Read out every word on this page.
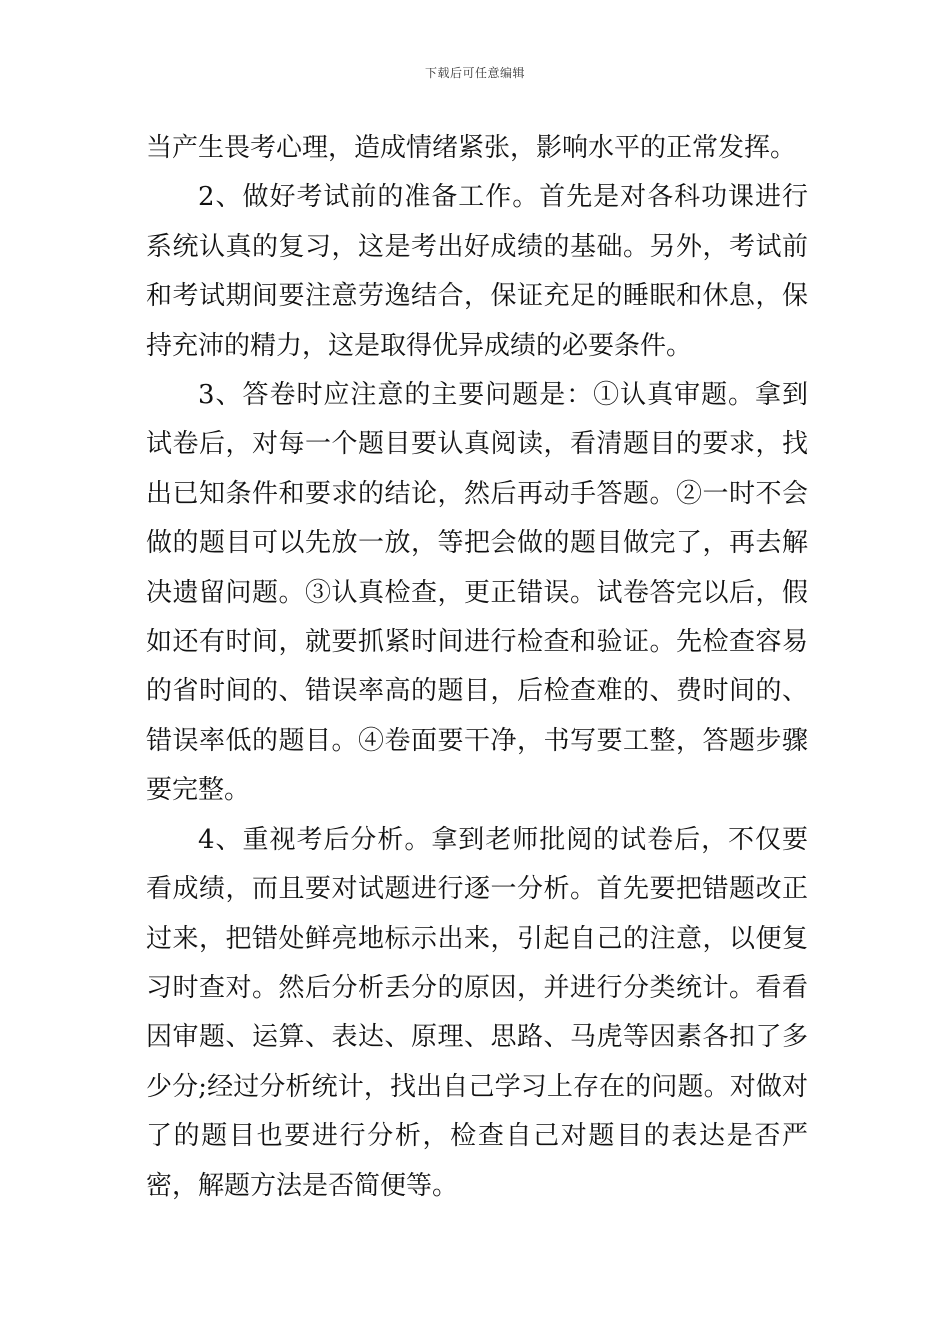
下载后可任意编辑

当产生畏考心理，造成情绪紧张，影响水平的正常发挥。

2、做好考试前的准备工作。首先是对各科功课进行系统认真的复习，这是考出好成绩的基础。另外，考试前和考试期间要注意劳逸结合，保证充足的睡眠和休息，保持充沛的精力，这是取得优异成绩的必要条件。

3、答卷时应注意的主要问题是：①认真审题。拿到试卷后，对每一个题目要认真阅读，看清题目的要求，找出已知条件和要求的结论，然后再动手答题。②一时不会做的题目可以先放一放，等把会做的题目做完了，再去解决遗留问题。③认真检查，更正错误。试卷答完以后，假如还有时间，就要抓紧时间进行检查和验证。先检查容易的省时间的、错误率高的题目，后检查难的、费时间的、错误率低的题目。④卷面要干净，书写要工整，答题步骤要完整。

4、重视考后分析。拿到老师批阅的试卷后，不仅要看成绩，而且要对试题进行逐一分析。首先要把错题改正过来，把错处鲜亮地标示出来，引起自己的注意，以便复习时查对。然后分析丢分的原因，并进行分类统计。看看因审题、运算、表达、原理、思路、马虎等因素各扣了多少分;经过分析统计，找出自己学习上存在的问题。对做对了的题目也要进行分析，检查自己对题目的表达是否严密，解题方法是否简便等。
